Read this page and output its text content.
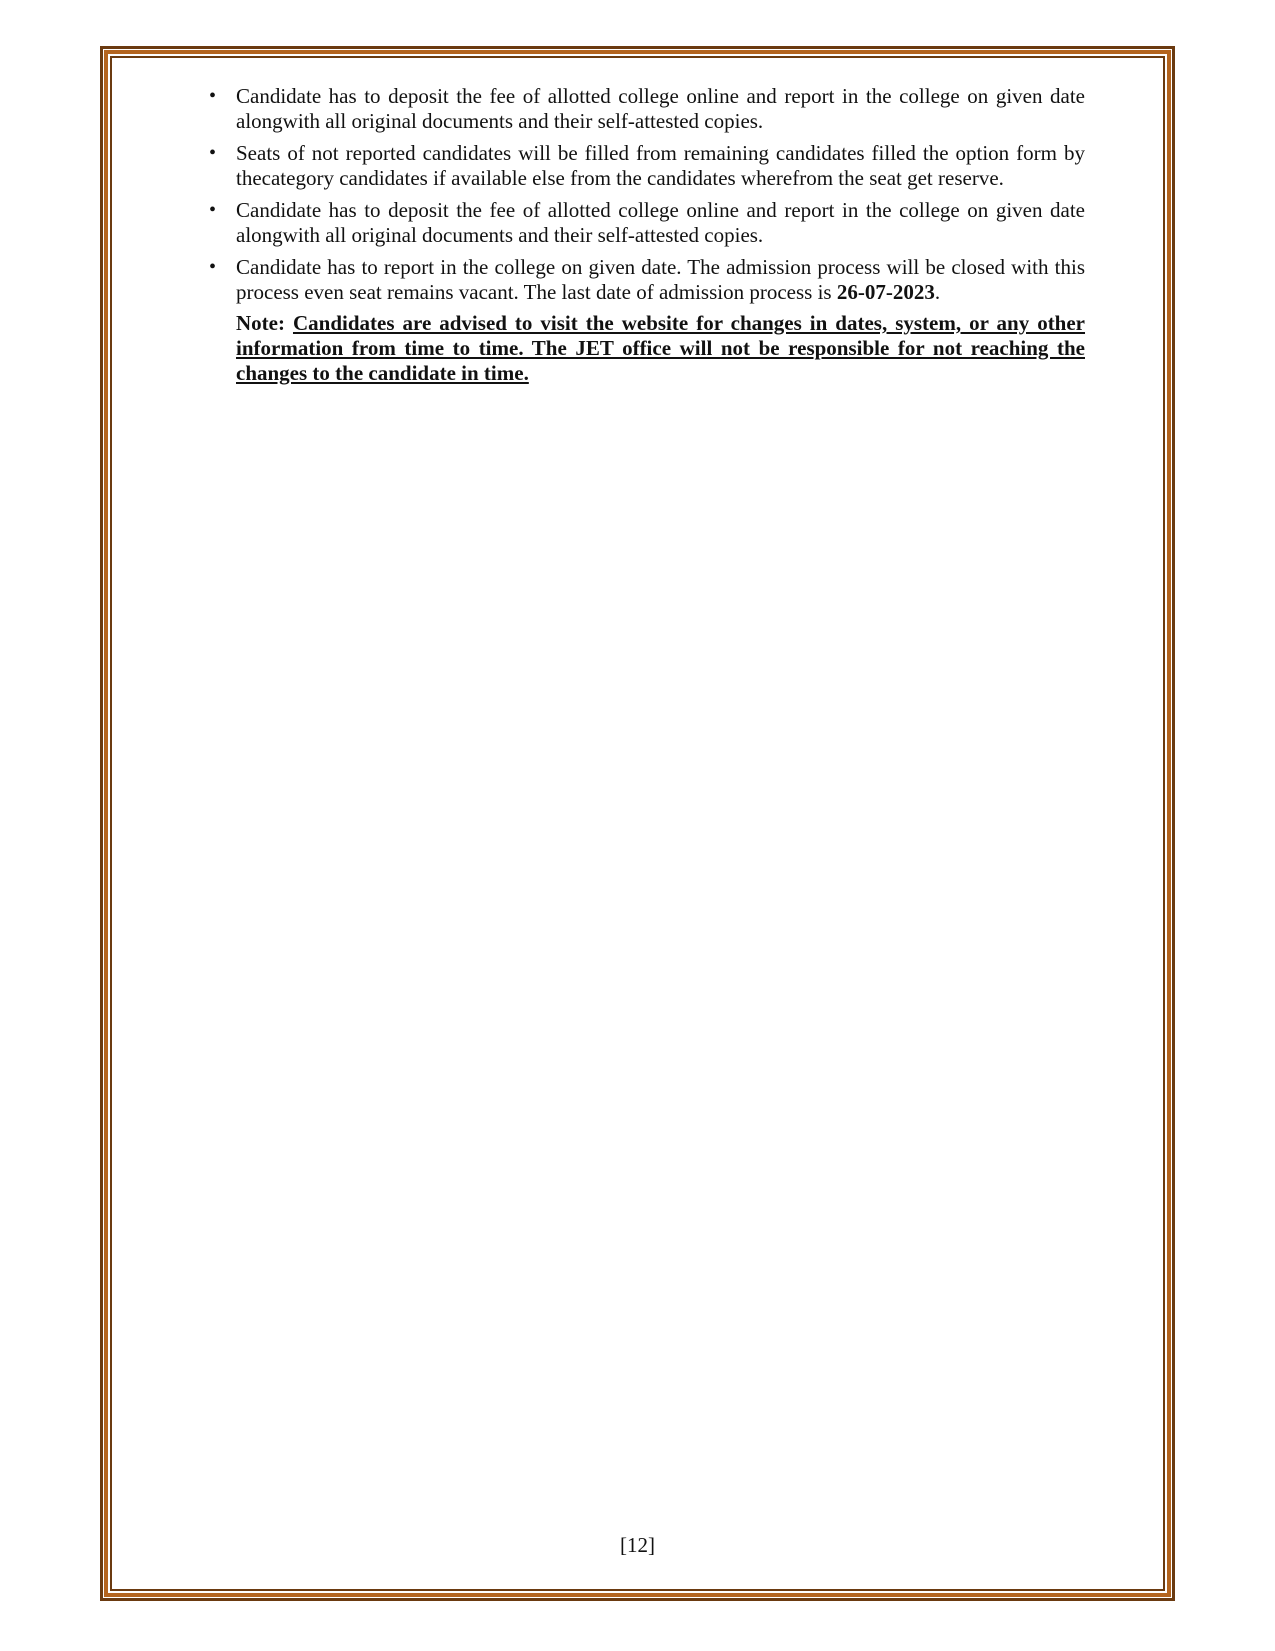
• Candidate has to deposit the fee of allotted college online and report in the college on given date alongwith all original documents and their self-attested copies.
• Seats of not reported candidates will be filled from remaining candidates filled the option form by thecategory candidates if available else from the candidates wherefrom the seat get reserve.
• Candidate has to deposit the fee of allotted college online and report in the college on given date alongwith all original documents and their self-attested copies.
• Candidate has to report in the college on given date. The admission process will be closed with this process even seat remains vacant. The last date of admission process is 26-07-2023.
Note: Candidates are advised to visit the website for changes in dates, system, or any other information from time to time. The JET office will not be responsible for not reaching the changes to the candidate in time.
[12]
